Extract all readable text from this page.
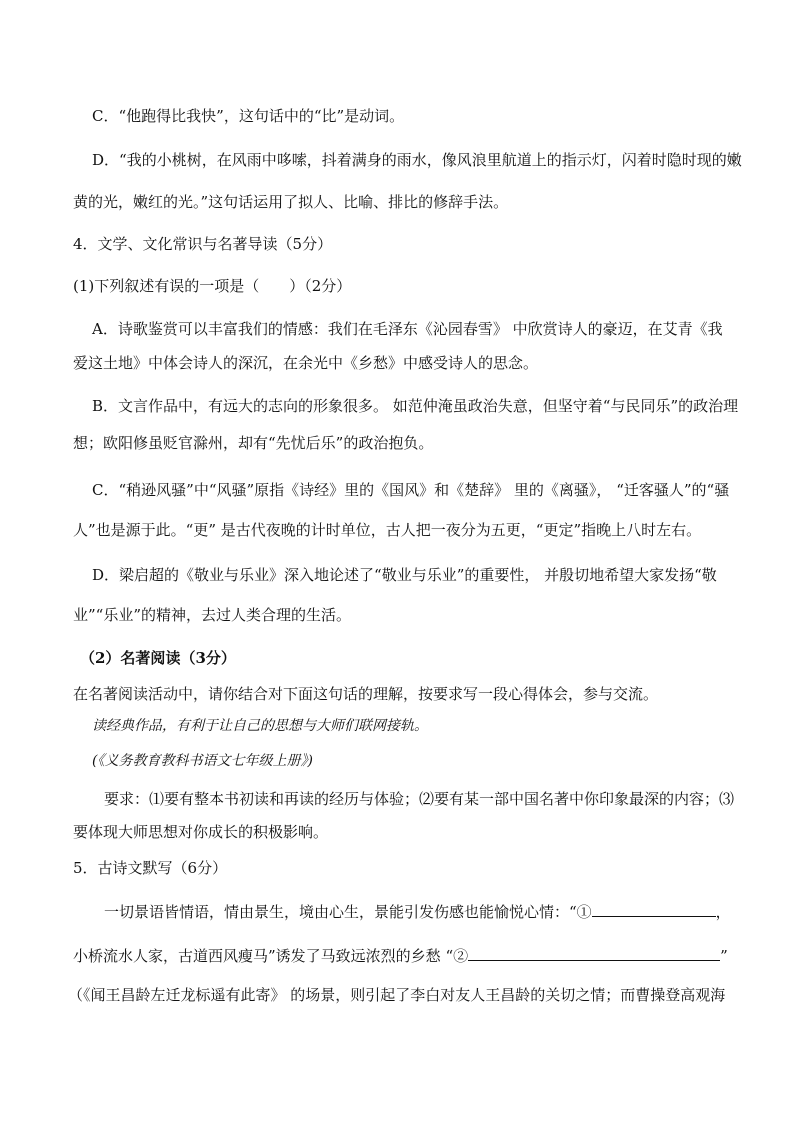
C．“他跑得比我快”，这句话中的“比”是动词。
D．“我的小桃树，在风雨中哆嗦，抖着满身的雨水，像风浪里航道上的指示灯，闪着时隐时现的嫩
黄的光，嫩红的光。”这句话运用了拟人、比喻、排比的修辞手法。
4．文学、文化常识与名著导读（5分）
(1)下列叙述有误的一项是（　　）（2分）
A．诗歌鉴赏可以丰富我们的情感：我们在毛泽东《沁园春雪》 中欣赏诗人的豪迈，在艾青《我
爱这土地》中体会诗人的深沉，在余光中《乡愁》中感受诗人的思念。
B．文言作品中，有远大的志向的形象很多。 如范仲淹虽政治失意，但坚守着“与民同乐”的政治理
想；欧阳修虽贬官滁州，却有“先忧后乐”的政治抱负。
C．“稍逊风骚”中“风骚”原指《诗经》里的《国风》和《楚辞》 里的《离骚》， “迁客骚人”的“骚
人”也是源于此。“更” 是古代夜晚的计时单位，古人把一夜分为五更，“更定”指晚上八时左右。
D．梁启超的《敬业与乐业》深入地论述了“敬业与乐业”的重要性， 并殷切地希望大家发扬“敬
业”“乐业”的精神，去过人类合理的生活。
（2）名著阅读（3分）
在名著阅读活动中，请你结合对下面这句话的理解，按要求写一段心得体会，参与交流。
读经典作品，有利于让自己的思想与大师们联网接轨。
(《义务教育教科书语文七年级上册》)
要求：⑴要有整本书初读和再读的经历与体验；⑵要有某一部中国名著中你印象最深的内容；⑶
要体现大师思想对你成长的积极影响。
5．古诗文默写（6分）
一切景语皆情语，情由景生，境由心生，景能引发伤感也能愉悦心情：“①	，
小桥流水人家，古道西风瘦马”诱发了马致远浓烈的乡愁 “②	”
（《闻王昌龄左迁龙标遥有此寄》 的场景，则引起了李白对友人王昌龄的关切之情；而曹操登高观海
